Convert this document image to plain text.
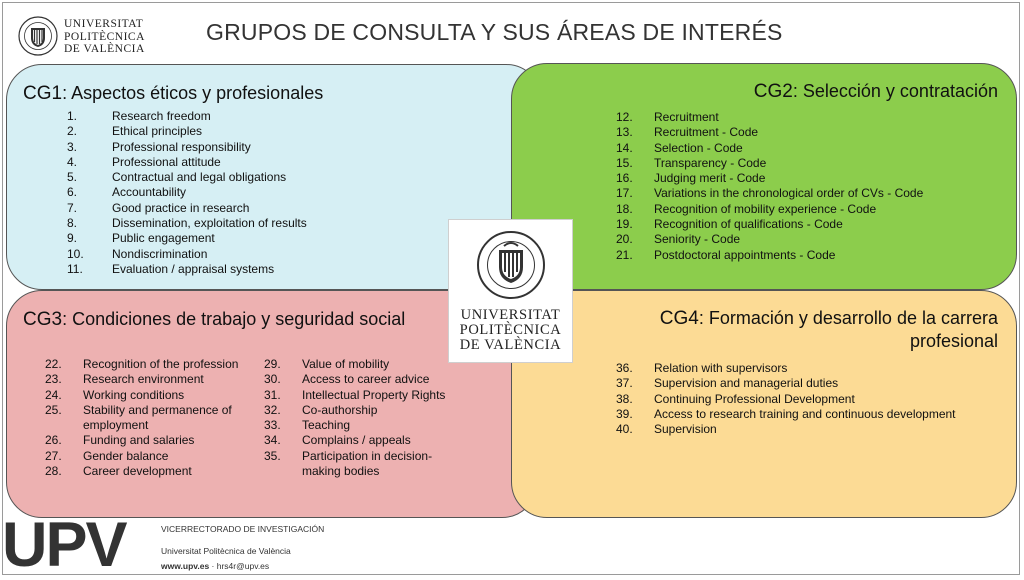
UNIVERSITAT
POLITÈCNICA
DE VALÈNCIA
GRUPOS DE CONSULTA Y SUS ÁREAS DE INTERÉS
CG1: Aspectos éticos y profesionales
1.	Research freedom
2.	Ethical principles
3.	Professional responsibility
4.	Professional attitude
5.	Contractual and legal obligations
6.	Accountability
7.	Good practice in research
8.	Dissemination, exploitation of results
9.	Public engagement
10. Nondiscrimination
11. Evaluation / appraisal systems
CG2: Selección y contratación
12. Recruitment
13. Recruitment - Code
14. Selection - Code
15. Transparency - Code
16. Judging merit - Code
17. Variations in the chronological order of CVs - Code
18. Recognition of mobility experience - Code
19. Recognition of qualifications - Code
20. Seniority - Code
21. Postdoctoral appointments - Code
CG3: Condiciones de trabajo y seguridad social
22. Recognition of the profession
23. Research environment
24. Working conditions
25. Stability and permanence of
employment
26. Funding and salaries
27. Gender balance
28. Career development
29. Value of mobility
30. Access to career advice
31. Intellectual Property Rights
32. Co-authorship
33. Teaching
34. Complains / appeals
35. Participation in decision-
making bodies
CG4: Formación y desarrollo de la carrera
profesional
36. Relation with supervisors
37. Supervision and managerial duties
38. Continuing Professional Development
39. Access to research training and continuous development
40. Supervision
UNIVERSITAT
POLITÈCNICA
DE VALÈNCIA
UPV	VICERRECTORADO DE INVESTIGACIÓN
Universitat Politècnica de València
www.upv.es · hrs4r@upv.es
